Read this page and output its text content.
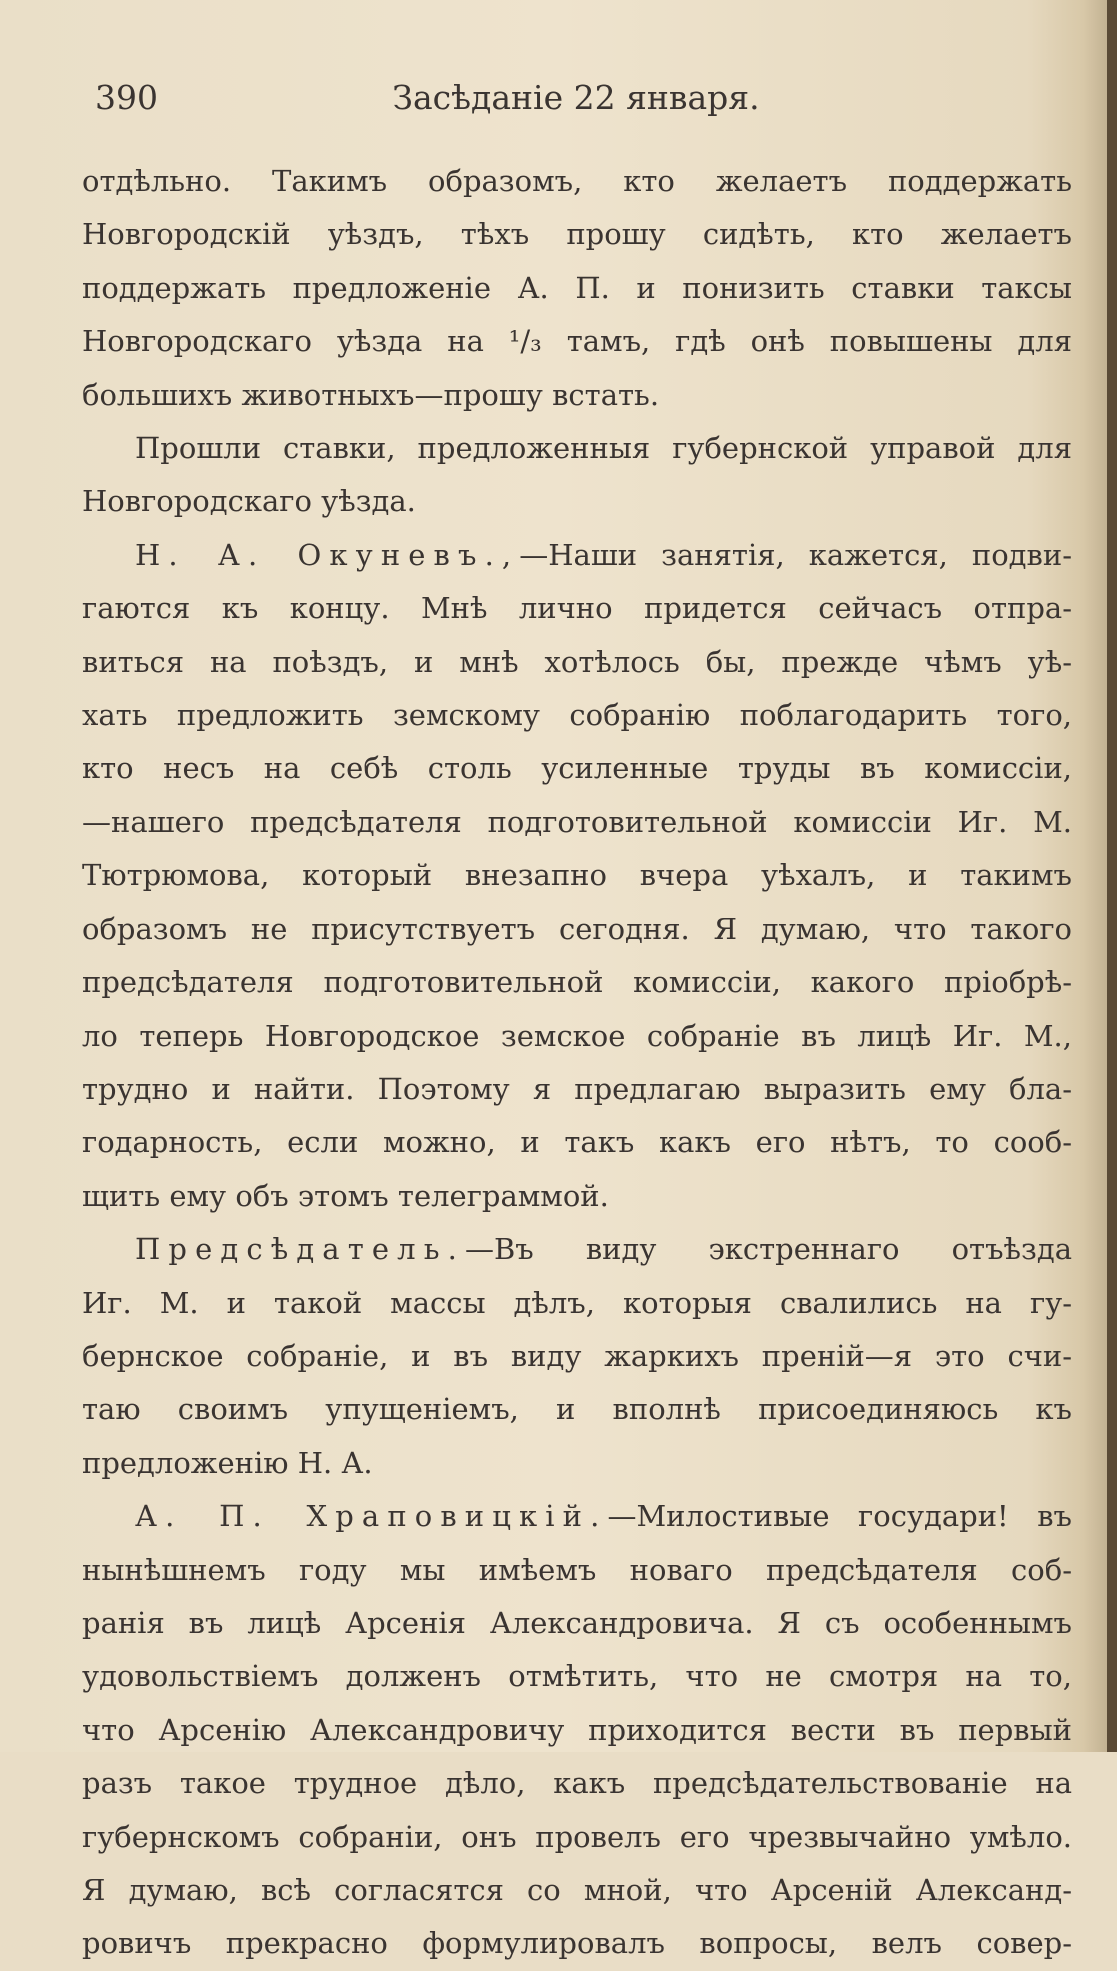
Засѣданіе 22 января.
390

отдѣльно. Такимъ образомъ, кто желаетъ поддержать

Новгородскій уѣздъ, тѣхъ прошу сидѣть, кто желаетъ

поддержать предложеніе А. П. и понизить ставки таксы

Новгородскаго уѣзда на ¹/₃ тамъ, гдѣ онѣ повышены для

большихъ животныхъ—прошу встать.

Прошли ставки, предложенныя губернской управой для

Новгородскаго уѣзда.

Н. А. Окуневъ.,—Наши занятія, кажется, подви-

гаются къ концу. Мнѣ лично придется сейчасъ отпра-

виться на поѣздъ, и мнѣ хотѣлось бы, прежде чѣмъ уѣ-

хать предложить земскому собранію поблагодарить того,

кто несъ на себѣ столь усиленные труды въ комиссіи,

—нашего предсѣдателя подготовительной комиссіи Иг. М.

Тютрюмова, который внезапно вчера уѣхалъ, и такимъ

образомъ не присутствуетъ сегодня. Я думаю, что такого

предсѣдателя подготовительной комиссіи, какого пріобрѣ-

ло теперь Новгородское земское собраніе въ лицѣ Иг. М.,

трудно и найти. Поэтому я предлагаю выразить ему бла-

годарность, если можно, и такъ какъ его нѣтъ, то сооб-

щить ему объ этомъ телеграммой.

Предсѣдатель.—Въ виду экстреннаго отъѣзда

Иг. М. и такой массы дѣлъ, которыя свалились на гу-

бернское собраніе, и въ виду жаркихъ преній—я это счи-

таю своимъ упущеніемъ, и вполнѣ присоединяюсь къ

предложенію Н. А.

А. П. Храповицкій.—Милостивые государи! въ

нынѣшнемъ году мы имѣемъ новаго предсѣдателя соб-

ранія въ лицѣ Арсенія Александровича. Я съ особеннымъ

удовольствіемъ долженъ отмѣтить, что не смотря на то,

что Арсенію Александровичу приходится вести въ первый

разъ такое трудное дѣло, какъ предсѣдательствованіе на

губернскомъ собраніи, онъ провелъ его чрезвычайно умѣло.

Я думаю, всѣ согласятся со мной, что Арсеній Александ-

ровичъ прекрасно формулировалъ вопросы, велъ совер-
